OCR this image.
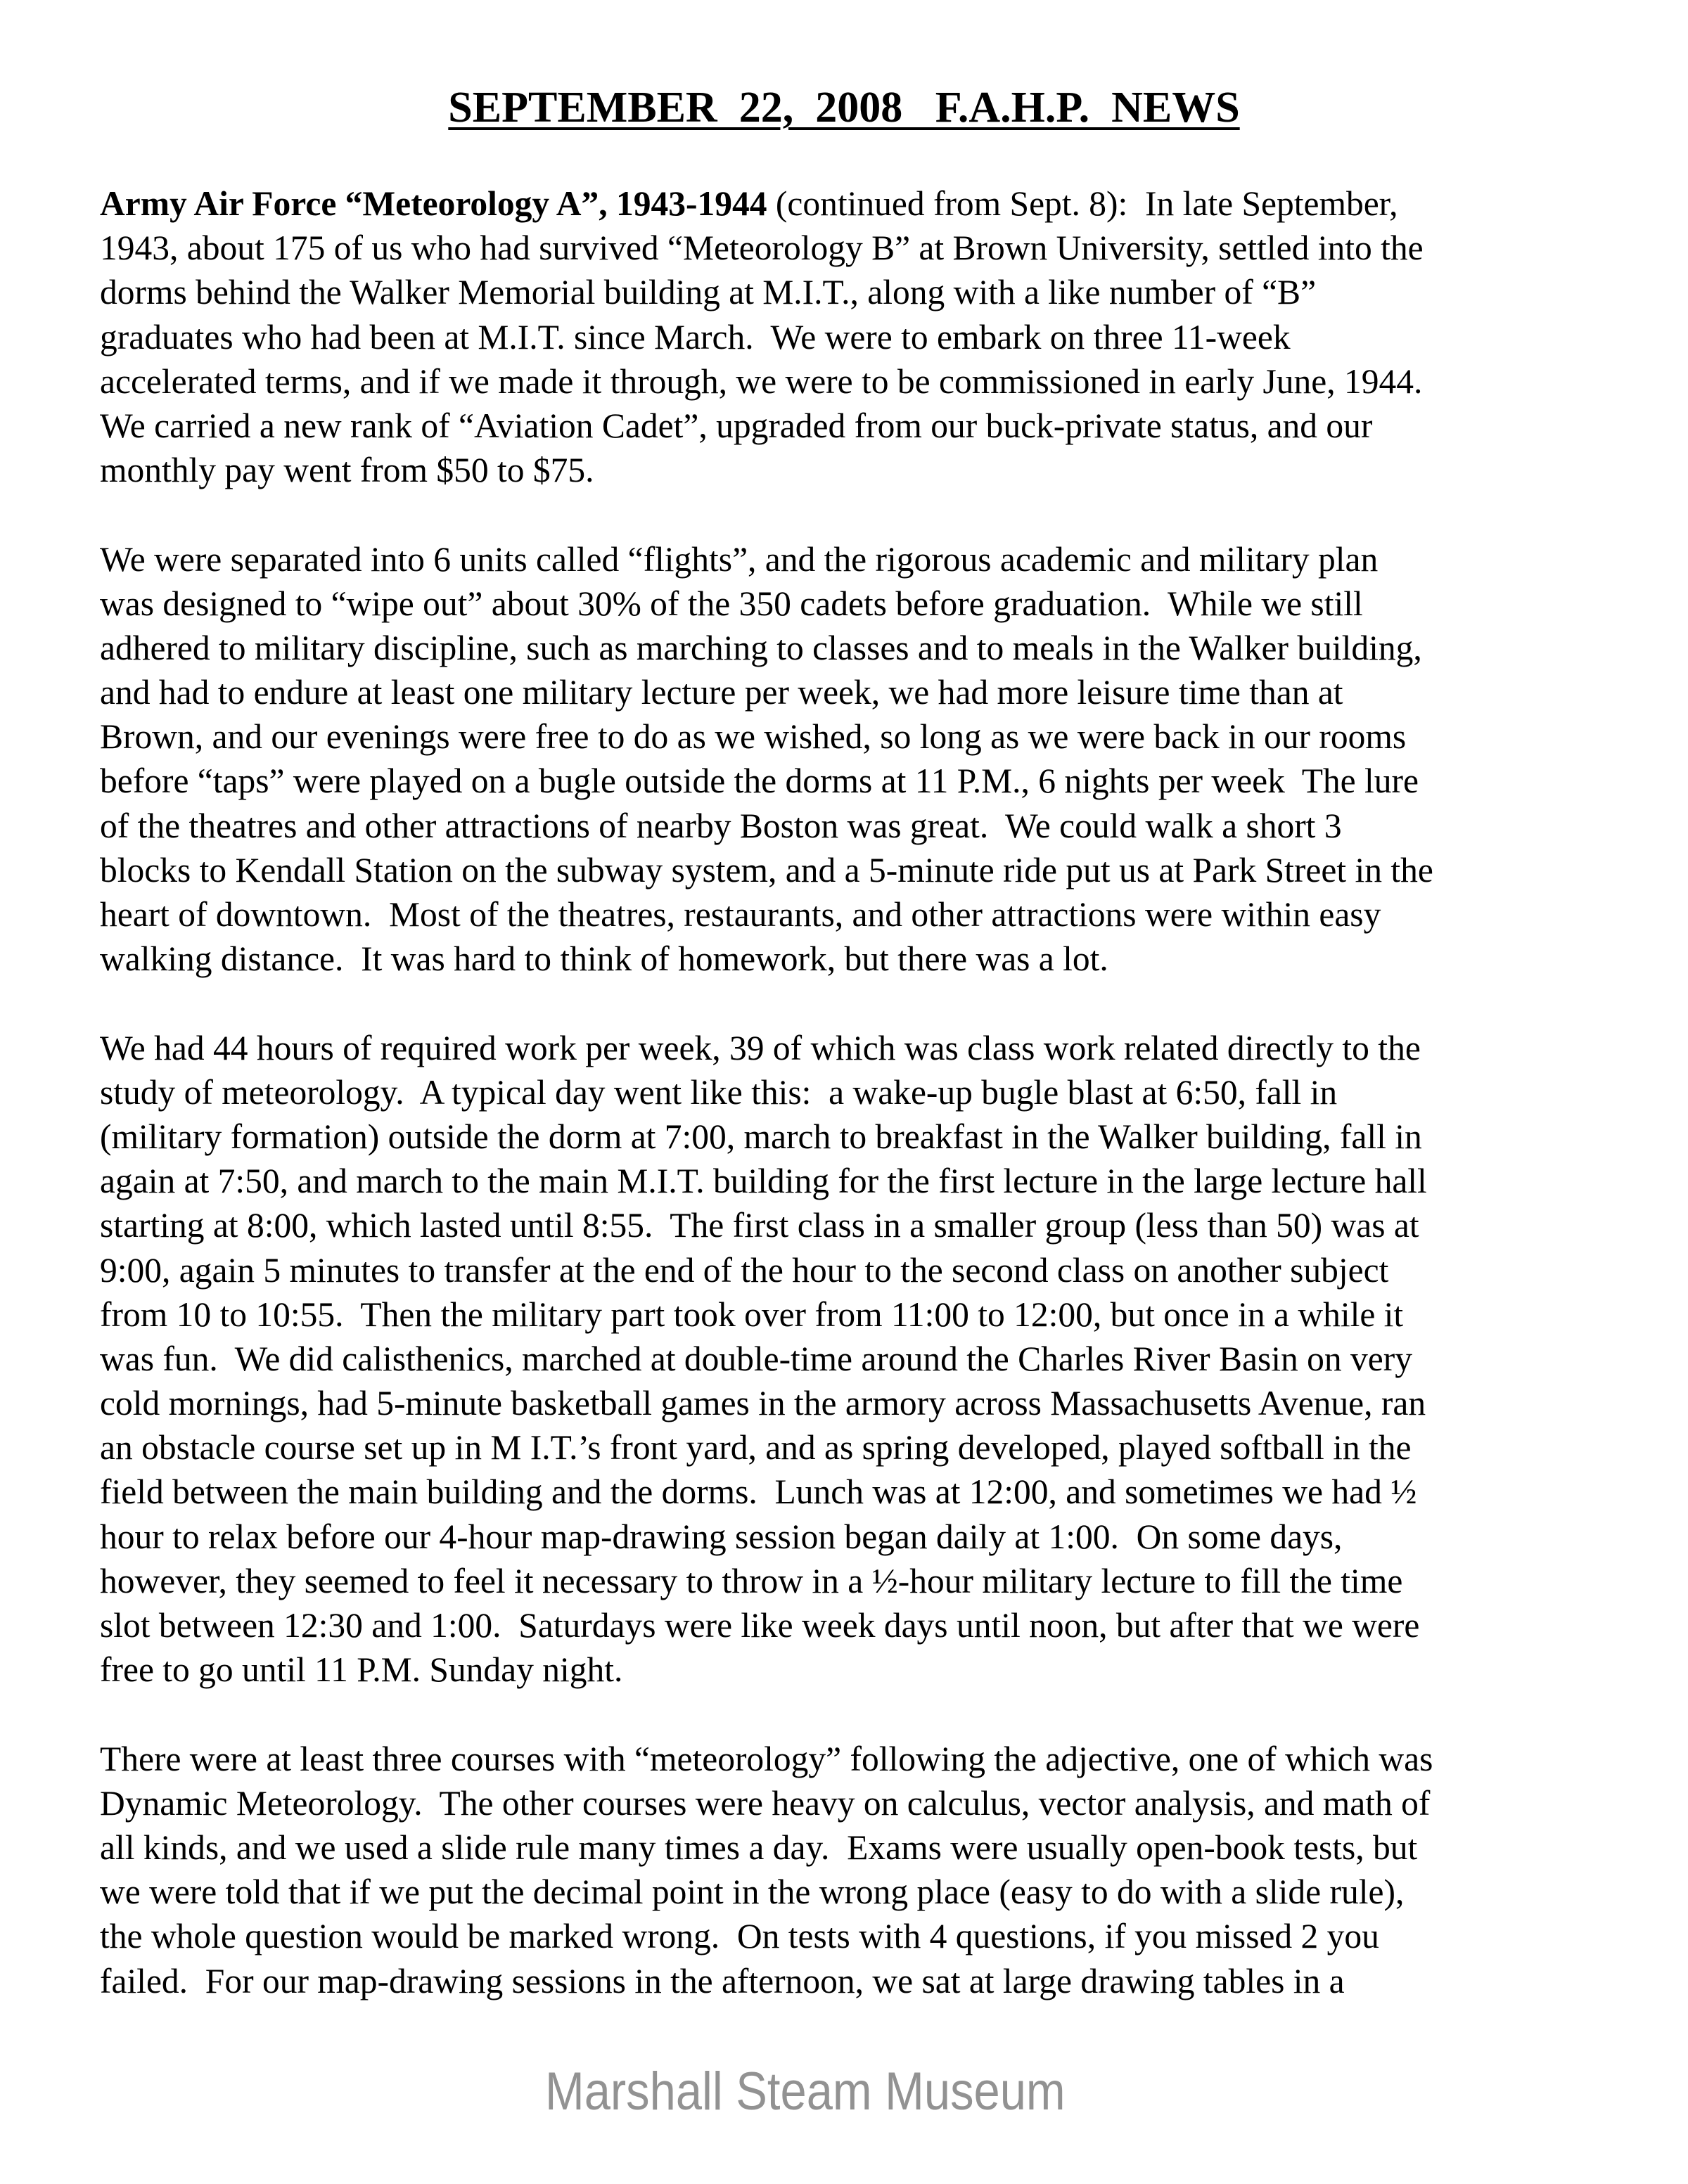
SEPTEMBER  22,  2008   F.A.H.P.  NEWS
Army Air Force “Meteorology A”, 1943-1944 (continued from Sept. 8):  In late September,
1943, about 175 of us who had survived “Meteorology B” at Brown University, settled into the
dorms behind the Walker Memorial building at M.I.T., along with a like number of “B”
graduates who had been at M.I.T. since March.  We were to embark on three 11-week
accelerated terms, and if we made it through, we were to be commissioned in early June, 1944.
We carried a new rank of “Aviation Cadet”, upgraded from our buck-private status, and our
monthly pay went from $50 to $75.
We were separated into 6 units called “flights”, and the rigorous academic and military plan
was designed to “wipe out” about 30% of the 350 cadets before graduation.  While we still
adhered to military discipline, such as marching to classes and to meals in the Walker building,
and had to endure at least one military lecture per week, we had more leisure time than at
Brown, and our evenings were free to do as we wished, so long as we were back in our rooms
before “taps” were played on a bugle outside the dorms at 11 P.M., 6 nights per week  The lure
of the theatres and other attractions of nearby Boston was great.  We could walk a short 3
blocks to Kendall Station on the subway system, and a 5-minute ride put us at Park Street in the
heart of downtown.  Most of the theatres, restaurants, and other attractions were within easy
walking distance.  It was hard to think of homework, but there was a lot.
We had 44 hours of required work per week, 39 of which was class work related directly to the
study of meteorology.  A typical day went like this:  a wake-up bugle blast at 6:50, fall in
(military formation) outside the dorm at 7:00, march to breakfast in the Walker building, fall in
again at 7:50, and march to the main M.I.T. building for the first lecture in the large lecture hall
starting at 8:00, which lasted until 8:55.  The first class in a smaller group (less than 50) was at
9:00, again 5 minutes to transfer at the end of the hour to the second class on another subject
from 10 to 10:55.  Then the military part took over from 11:00 to 12:00, but once in a while it
was fun.  We did calisthenics, marched at double-time around the Charles River Basin on very
cold mornings, had 5-minute basketball games in the armory across Massachusetts Avenue, ran
an obstacle course set up in M I.T.’s front yard, and as spring developed, played softball in the
field between the main building and the dorms.  Lunch was at 12:00, and sometimes we had ½
hour to relax before our 4-hour map-drawing session began daily at 1:00.  On some days,
however, they seemed to feel it necessary to throw in a ½-hour military lecture to fill the time
slot between 12:30 and 1:00.  Saturdays were like week days until noon, but after that we were
free to go until 11 P.M. Sunday night.
There were at least three courses with “meteorology” following the adjective, one of which was
Dynamic Meteorology.  The other courses were heavy on calculus, vector analysis, and math of
all kinds, and we used a slide rule many times a day.  Exams were usually open-book tests, but
we were told that if we put the decimal point in the wrong place (easy to do with a slide rule),
the whole question would be marked wrong.  On tests with 4 questions, if you missed 2 you
failed.  For our map-drawing sessions in the afternoon, we sat at large drawing tables in a
Marshall Steam Museum
